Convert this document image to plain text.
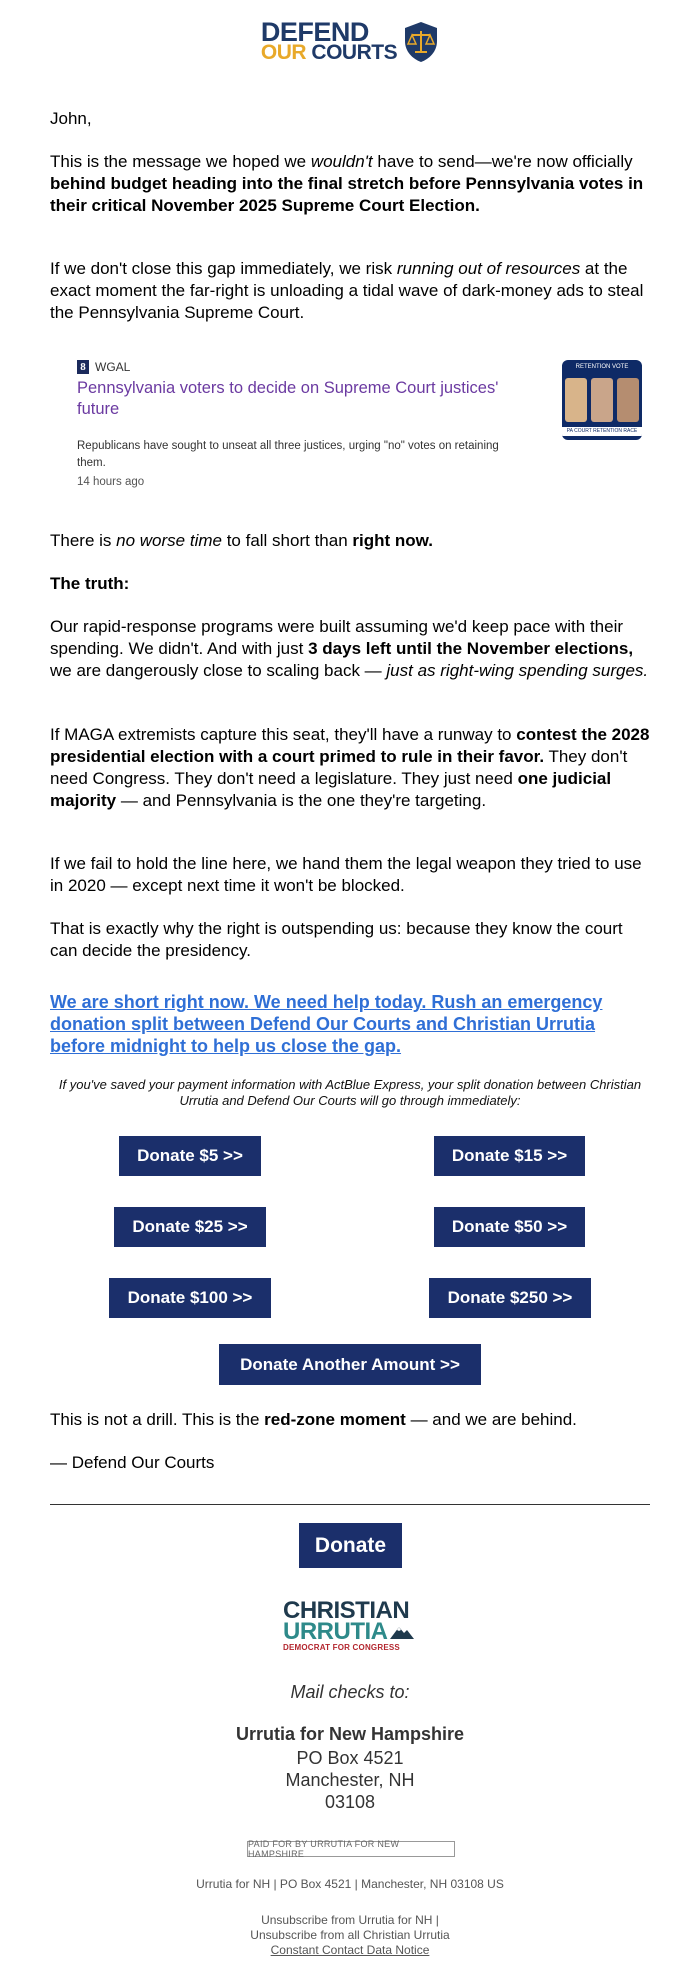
DEFEND
OUR COURTS

John,

This is the message we hoped we wouldn't have to send—we're now officially behind budget heading into the final stretch before Pennsylvania votes in their critical November 2025 Supreme Court Election.

If we don't close this gap immediately, we risk running out of resources at the exact moment the far-right is unloading a tidal wave of dark-money ads to steal the Pennsylvania Supreme Court.

8 WGAL
Pennsylvania voters to decide on Supreme Court justices' future
Republicans have sought to unseat all three justices, urging "no" votes on retaining them.
14 hours ago
RETENTION VOTE
PA COURT RETENTION RACE

There is no worse time to fall short than right now.

The truth:

Our rapid-response programs were built assuming we'd keep pace with their spending. We didn't. And with just 3 days left until the November elections, we are dangerously close to scaling back — just as right-wing spending surges.

If MAGA extremists capture this seat, they'll have a runway to contest the 2028 presidential election with a court primed to rule in their favor. They don't need Congress. They don't need a legislature. They just need one judicial majority — and Pennsylvania is the one they're targeting.

If we fail to hold the line here, we hand them the legal weapon they tried to use in 2020 — except next time it won't be blocked.

That is exactly why the right is outspending us: because they know the court can decide the presidency.

We are short right now. We need help today. Rush an emergency donation split between Defend Our Courts and Christian Urrutia before midnight to help us close the gap.
If you've saved your payment information with ActBlue Express, your split donation between Christian Urrutia and Defend Our Courts will go through immediately:

This is not a drill. This is the red-zone moment — and we are behind.

— Defend Our Courts

Donate $5 >>	Donate $15 >>
Donate $25 >>	Donate $50 >>
Donate $100 >>	Donate $250 >>
Donate Another Amount >>
Donate
CHRISTIAN
URRUTIA
DEMOCRAT FOR CONGRESS
Mail checks to:
Urrutia for New Hampshire
PO Box 4521
Manchester, NH
03108
PAID FOR BY URRUTIA FOR NEW HAMPSHIRE
Urrutia for NH | PO Box 4521 | Manchester, NH 03108 US
Unsubscribe from Urrutia for NH |
Unsubscribe from all Christian Urrutia
Constant Contact Data Notice
